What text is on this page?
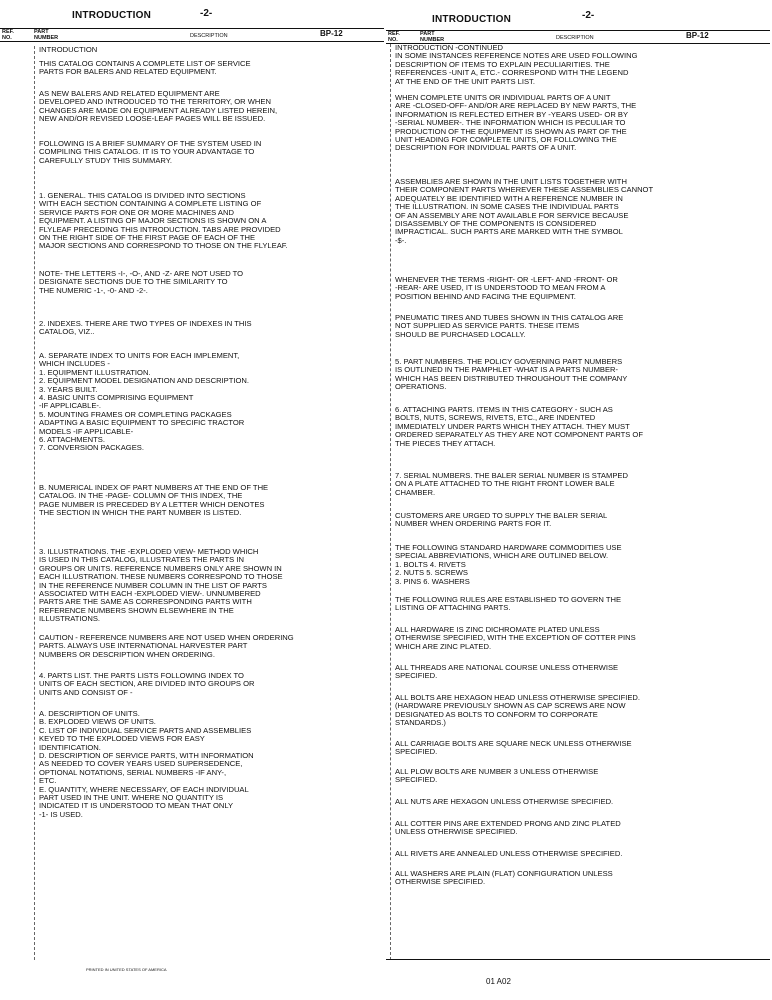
INTRODUCTION	-2-
REF.
NO.
PART
NUMBER	DESCRIPTION	BP-12

INTRODUCTION

THIS CATALOG CONTAINS A COMPLETE LIST OF SERVICE
PARTS FOR BALERS AND RELATED EQUIPMENT.

AS NEW BALERS AND RELATED EQUIPMENT ARE
DEVELOPED AND INTRODUCED TO THE TERRITORY, OR WHEN
CHANGES ARE MADE ON EQUIPMENT ALREADY LISTED HEREIN,
NEW AND/OR REVISED LOOSE-LEAF PAGES WILL BE ISSUED.

FOLLOWING IS A BRIEF SUMMARY OF THE SYSTEM USED IN
COMPILING THIS CATALOG. IT IS TO YOUR ADVANTAGE TO
CAREFULLY STUDY THIS SUMMARY.

1. GENERAL. THIS CATALOG IS DIVIDED INTO SECTIONS
WITH EACH SECTION CONTAINING A COMPLETE LISTING OF
SERVICE PARTS FOR ONE OR MORE MACHINES AND
EQUIPMENT. A LISTING OF MAJOR SECTIONS IS SHOWN ON A
FLYLEAF PRECEDING THIS INTRODUCTION. TABS ARE PROVIDED
ON THE RIGHT SIDE OF THE FIRST PAGE OF EACH OF THE
MAJOR SECTIONS AND CORRESPOND TO THOSE ON THE FLYLEAF.

NOTE- THE LETTERS -I-, -O-, AND -Z- ARE NOT USED TO
DESIGNATE SECTIONS DUE TO THE SIMILARITY TO
THE NUMERIC -1-, -0- AND -2-.

2. INDEXES. THERE ARE TWO TYPES OF INDEXES IN THIS
CATALOG, VIZ..

A. SEPARATE INDEX TO UNITS FOR EACH IMPLEMENT,
WHICH INCLUDES -
1. EQUIPMENT ILLUSTRATION.
2. EQUIPMENT MODEL DESIGNATION AND DESCRIPTION.
3. YEARS BUILT.
4. BASIC UNITS COMPRISING EQUIPMENT
-IF APPLICABLE-.
5. MOUNTING FRAMES OR COMPLETING PACKAGES
ADAPTING A BASIC EQUIPMENT TO SPECIFIC TRACTOR
MODELS -IF APPLICABLE-
6. ATTACHMENTS.
7. CONVERSION PACKAGES.

B. NUMERICAL INDEX OF PART NUMBERS AT THE END OF THE
CATALOG. IN THE -PAGE- COLUMN OF THIS INDEX, THE
PAGE NUMBER IS PRECEDED BY A LETTER WHICH DENOTES
THE SECTION IN WHICH THE PART NUMBER IS LISTED.

3. ILLUSTRATIONS. THE -EXPLODED VIEW- METHOD WHICH
IS USED IN THIS CATALOG, ILLUSTRATES THE PARTS IN
GROUPS OR UNITS. REFERENCE NUMBERS ONLY ARE SHOWN IN
EACH ILLUSTRATION. THESE NUMBERS CORRESPOND TO THOSE
IN THE REFERENCE NUMBER COLUMN IN THE LIST OF PARTS
ASSOCIATED WITH EACH -EXPLODED VIEW-. UNNUMBERED
PARTS ARE THE SAME AS CORRESPONDING PARTS WITH
REFERENCE NUMBERS SHOWN ELSEWHERE IN THE
ILLUSTRATIONS.

CAUTION - REFERENCE NUMBERS ARE NOT USED WHEN ORDERING
PARTS. ALWAYS USE INTERNATIONAL HARVESTER PART
NUMBERS OR DESCRIPTION WHEN ORDERING.

4. PARTS LIST. THE PARTS LISTS FOLLOWING INDEX TO
UNITS OF EACH SECTION, ARE DIVIDED INTO GROUPS OR
UNITS AND CONSIST OF -

A. DESCRIPTION OF UNITS.
B. EXPLODED VIEWS OF UNITS.
C. LIST OF INDIVIDUAL SERVICE PARTS AND ASSEMBLIES
KEYED TO THE EXPLODED VIEWS FOR EASY
IDENTIFICATION.
D. DESCRIPTION OF SERVICE PARTS, WITH INFORMATION
AS NEEDED TO COVER YEARS USED SUPERSEDENCE,
OPTIONAL NOTATIONS, SERIAL NUMBERS -IF ANY-,
ETC.
E. QUANTITY, WHERE NECESSARY, OF EACH INDIVIDUAL
PART USED IN THE UNIT. WHERE NO QUANTITY IS
INDICATED IT IS UNDERSTOOD TO MEAN THAT ONLY
-1- IS USED.

PRINTED IN UNITED STATES OF AMERICA
INTRODUCTION	-2-
REF.
NO.
PART
NUMBER	DESCRIPTION	BP-12

INTRODUCTION -CONTINUED
IN SOME INSTANCES REFERENCE NOTES ARE USED FOLLOWING
DESCRIPTION OF ITEMS TO EXPLAIN PECULIARITIES. THE
REFERENCES -UNIT A, ETC.- CORRESPOND WITH THE LEGEND
AT THE END OF THE UNIT PARTS LIST.

WHEN COMPLETE UNITS OR INDIVIDUAL PARTS OF A UNIT
ARE -CLOSED-OFF- AND/OR ARE REPLACED BY NEW PARTS, THE
INFORMATION IS REFLECTED EITHER BY -YEARS USED- OR BY
-SERIAL NUMBER-. THE INFORMATION WHICH IS PECULIAR TO
PRODUCTION OF THE EQUIPMENT IS SHOWN AS PART OF THE
UNIT HEADING FOR COMPLETE UNITS, OR FOLLOWING THE
DESCRIPTION FOR INDIVIDUAL PARTS OF A UNIT.

ASSEMBLIES ARE SHOWN IN THE UNIT LISTS TOGETHER WITH
THEIR COMPONENT PARTS WHEREVER THESE ASSEMBLIES CANNOT
ADEQUATELY BE IDENTIFIED WITH A REFERENCE NUMBER IN
THE ILLUSTRATION. IN SOME CASES THE INDIVIDUAL PARTS
OF AN ASSEMBLY ARE NOT AVAILABLE FOR SERVICE BECAUSE
DISASSEMBLY OF THE COMPONENTS IS CONSIDERED
IMPRACTICAL. SUCH PARTS ARE MARKED WITH THE SYMBOL
-$-.

WHENEVER THE TERMS -RIGHT- OR -LEFT- AND -FRONT- OR
-REAR- ARE USED, IT IS UNDERSTOOD TO MEAN FROM A
POSITION BEHIND AND FACING THE EQUIPMENT.

PNEUMATIC TIRES AND TUBES SHOWN IN THIS CATALOG ARE
NOT SUPPLIED AS SERVICE PARTS. THESE ITEMS
SHOULD BE PURCHASED LOCALLY.

5. PART NUMBERS. THE POLICY GOVERNING PART NUMBERS
IS OUTLINED IN THE PAMPHLET -WHAT IS A PARTS NUMBER-
WHICH HAS BEEN DISTRIBUTED THROUGHOUT THE COMPANY
OPERATIONS.

6. ATTACHING PARTS. ITEMS IN THIS CATEGORY - SUCH AS
BOLTS, NUTS, SCREWS, RIVETS, ETC., ARE INDENTED
IMMEDIATELY UNDER PARTS WHICH THEY ATTACH. THEY MUST
ORDERED SEPARATELY AS THEY ARE NOT COMPONENT PARTS OF
THE PIECES THEY ATTACH.

7. SERIAL NUMBERS. THE BALER SERIAL NUMBER IS STAMPED
ON A PLATE ATTACHED TO THE RIGHT FRONT LOWER BALE
CHAMBER.

CUSTOMERS ARE URGED TO SUPPLY THE BALER SERIAL
NUMBER WHEN ORDERING PARTS FOR IT.

THE FOLLOWING STANDARD HARDWARE COMMODITIES USE
SPECIAL ABBREVIATIONS, WHICH ARE OUTLINED BELOW.
1. BOLTS 4. RIVETS
2. NUTS 5. SCREWS
3. PINS 6. WASHERS

THE FOLLOWING RULES ARE ESTABLISHED TO GOVERN THE
LISTING OF ATTACHING PARTS.

ALL HARDWARE IS ZINC DICHROMATE PLATED UNLESS
OTHERWISE SPECIFIED, WITH THE EXCEPTION OF COTTER PINS
WHICH ARE ZINC PLATED.

ALL THREADS ARE NATIONAL COURSE UNLESS OTHERWISE
SPECIFIED.

ALL BOLTS ARE HEXAGON HEAD UNLESS OTHERWISE SPECIFIED.
(HARDWARE PREVIOUSLY SHOWN AS CAP SCREWS ARE NOW
DESIGNATED AS BOLTS TO CONFORM TO CORPORATE
STANDARDS.)

ALL CARRIAGE BOLTS ARE SQUARE NECK UNLESS OTHERWISE
SPECIFIED.

ALL PLOW BOLTS ARE NUMBER 3 UNLESS OTHERWISE
SPECIFIED.

ALL NUTS ARE HEXAGON UNLESS OTHERWISE SPECIFIED.

ALL COTTER PINS ARE EXTENDED PRONG AND ZINC PLATED
UNLESS OTHERWISE SPECIFIED.

ALL RIVETS ARE ANNEALED UNLESS OTHERWISE SPECIFIED.

ALL WASHERS ARE PLAIN (FLAT) CONFIGURATION UNLESS
OTHERWISE SPECIFIED.

01 A02
